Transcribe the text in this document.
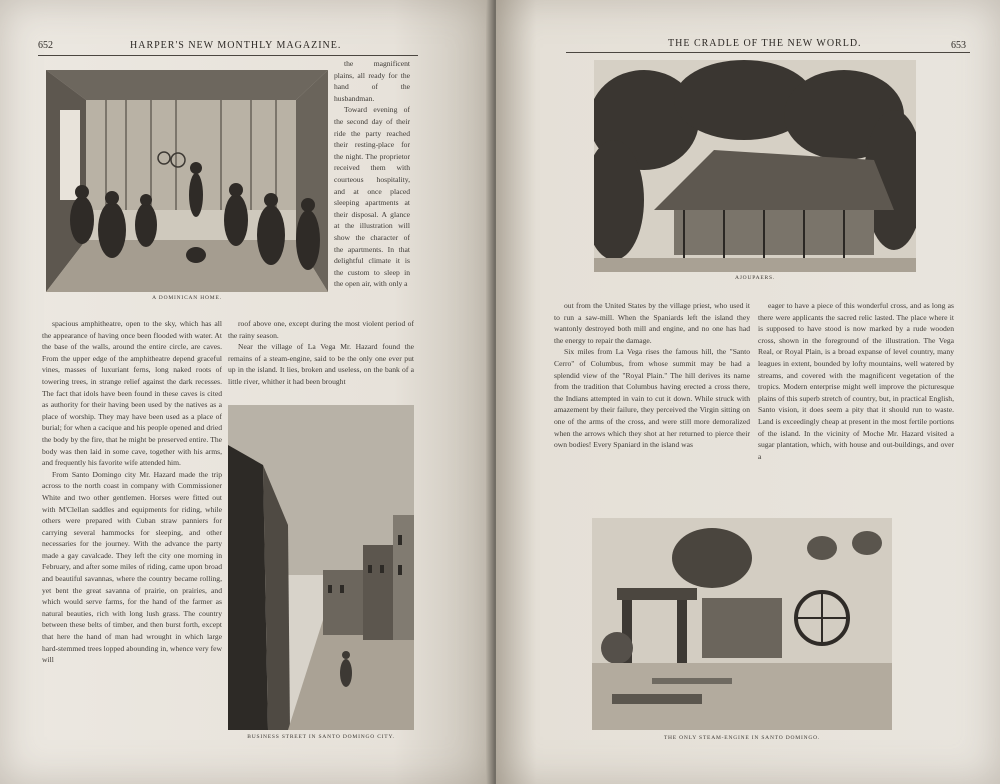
652	HARPER'S NEW MONTHLY MAGAZINE.
A DOMINICAN HOME.

the magnificent plains, all ready for the hand of the husbandman.

Toward evening of the second day of their ride the party reached their resting-place for the night. The proprietor received them with courteous hospitality, and at once placed sleeping apartments at their disposal. A glance at the illustration will show the character of the apartments. In that delightful climate it is the custom to sleep in the open air, with only a

spacious amphitheatre, open to the sky, which has all the appearance of having once been flooded with water. At the base of the walls, around the entire circle, are caves. From the upper edge of the amphitheatre depend graceful vines, masses of luxuriant ferns, long naked roots of towering trees, in strange relief against the dark recesses. The fact that idols have been found in these caves is cited as authority for their having been used by the natives as a place of worship. They may have been used as a place of burial; for when a cacique and his people opened and dried the body by the fire, that he might be preserved entire. The body was then laid in some cave, together with his arms, and frequently his favorite wife attended him.

From Santo Domingo city Mr. Hazard made the trip across to the north coast in company with Commissioner White and two other gentlemen. Horses were fitted out with M'Clellan saddles and equipments for riding, while others were prepared with Cuban straw panniers for carrying several hammocks for sleeping, and other necessaries for the journey. With the advance the party made a gay cavalcade. They left the city one morning in February, and after some miles of riding, came upon broad and beautiful savannas, where the country became rolling, yet bent the great savanna of prairie, on prairies, and which would serve farms, for the hand of the farmer as natural beauties, rich with long lush grass. The country between these belts of timber, and then burst forth, except that here the hand of man had wrought in which large hard-stemmed trees lopped abounding in, whence very few will

roof above one, except during the most violent period of the rainy season.

Near the village of La Vega Mr. Hazard found the remains of a steam-engine, said to be the only one ever put up in the island. It lies, broken and useless, on the bank of a little river, whither it had been brought

BUSINESS STREET IN SANTO DOMINGO CITY.
THE CRADLE OF THE NEW WORLD.	653
AJOUPAERS.

out from the United States by the village priest, who used it to run a saw-mill. When the Spaniards left the island they wantonly destroyed both mill and engine, and no one has had the energy to repair the damage.

Six miles from La Vega rises the famous hill, the "Santo Cerro" of Columbus, from whose summit may be had a splendid view of the "Royal Plain." The hill derives its name from the tradition that Columbus having erected a cross there, the Indians attempted in vain to cut it down. While struck with amazement by their failure, they perceived the Virgin sitting on one of the arms of the cross, and were still more demoralized when the arrows which they shot at her returned to pierce their own bodies! Every Spaniard in the island was

eager to have a piece of this wonderful cross, and as long as there were applicants the sacred relic lasted. The place where it is supposed to have stood is now marked by a rude wooden cross, shown in the foreground of the illustration. The Vega Real, or Royal Plain, is a broad expanse of level country, many leagues in extent, bounded by lofty mountains, well watered by streams, and covered with the magnificent vegetation of the tropics. Modern enterprise might well improve the picturesque plains of this superb stretch of country, but, in practical English, Santo vision, it does seem a pity that it should run to waste. Land is exceedingly cheap at present in the most fertile portions of the island. In the vicinity of Moche Mr. Hazard visited a sugar plantation, which, with house and out-buildings, and over a

THE ONLY STEAM-ENGINE IN SANTO DOMINGO.
